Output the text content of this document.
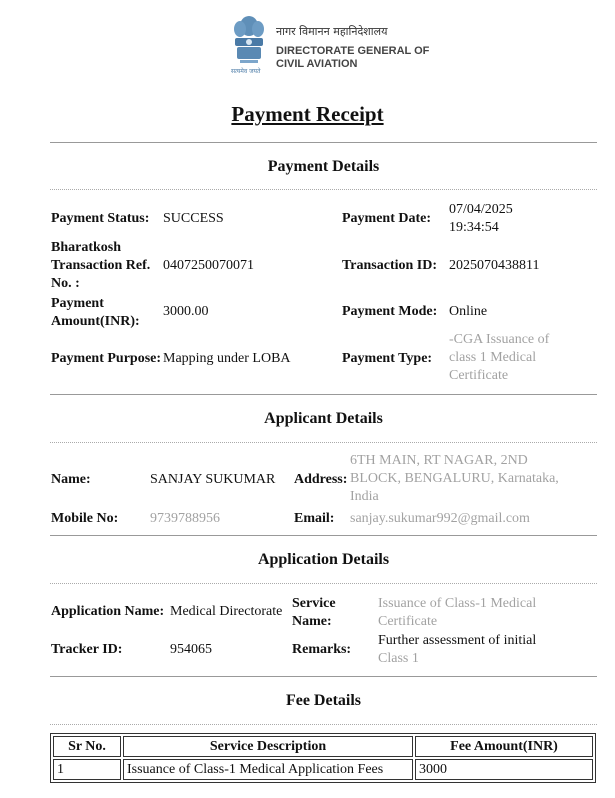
सत्यमेव जयते
नागर विमानन महानिदेशालय
DIRECTORATE GENERAL OF
CIVIL AVIATION
Payment Receipt
Payment Details
Payment Status: SUCCESS	Payment Date:
07/04/2025
19:34:54
Bharatkosh
Transaction Ref.
No. :
0407250070071	Transaction ID: 2025070438811
Payment
Amount(INR):
3000.00	Payment Mode: Online
Payment Purpose: Mapping under LOBA	Payment Type:
-CGA Issuance of
class 1 Medical
Certificate
Applicant Details
Name:	SANJAY SUKUMAR Address:
6TH MAIN, RT NAGAR, 2ND
BLOCK, BENGALURU, Karnataka,
India
Mobile No: 9739788956	Email: sanjay.sukumar992@gmail.com
Application Details
Application Name: Medical Directorate
Service
Name:
Issuance of Class-1 Medical
Certificate
Tracker ID:	954065	Remarks:
Further assessment of initial
Class 1
Fee Details
Sr No.	Service Description	Fee Amount(INR)
1	Issuance of Class-1 Medical Application Fees	3000
